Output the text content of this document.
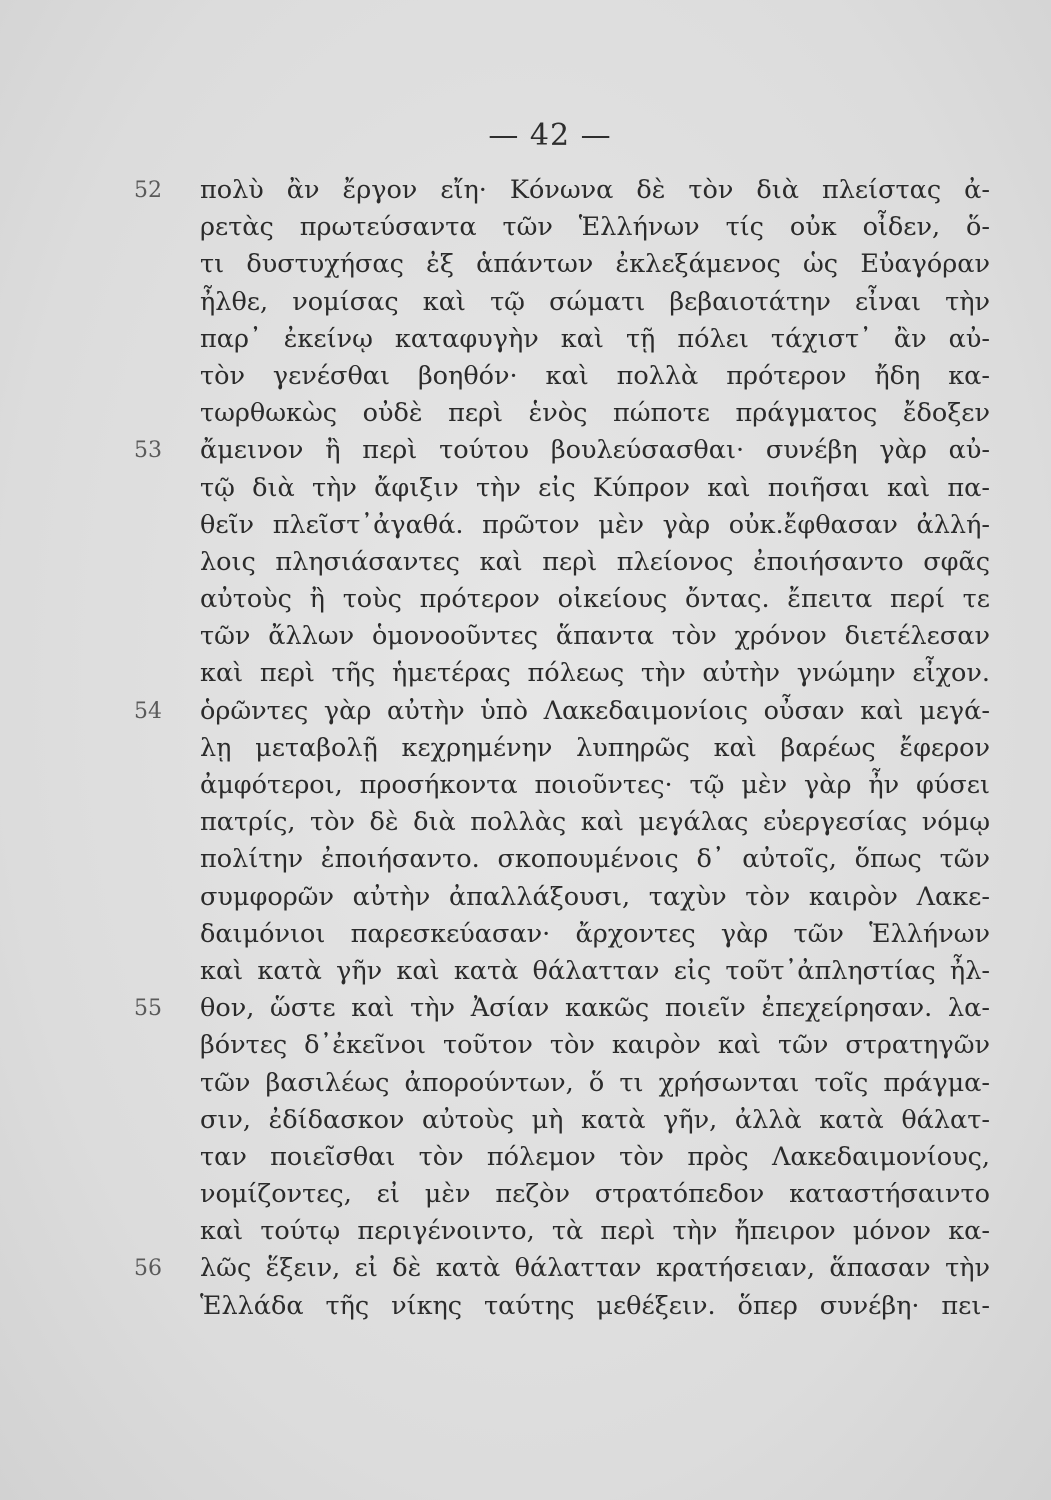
— 42 —
52	πολὺ ἂν ἔργον εἴη· Κόνωνα δὲ τὸν διὰ πλείστας ἀ-
ρετὰς πρωτεύσαντα τῶν Ἑλλήνων τίς οὐκ οἶδεν, ὅ-
τι δυστυχήσας ἐξ ἁπάντων ἐκλεξάμενος ὡς Εὐαγόραν
ἦλθε, νομίσας καὶ τῷ σώματι βεβαιοτάτην εἶναι τὴν
παρ᾽ ἐκείνῳ καταφυγὴν καὶ τῇ πόλει τάχιστ᾽ ἂν αὐ-
τὸν γενέσθαι βοηθόν· καὶ πολλὰ πρότερον ἤδη κα-
τωρθωκὼς οὐδὲ περὶ ἑνὸς πώποτε πράγματος ἔδοξεν
53	ἄμεινον ἢ περὶ τούτου βουλεύσασθαι· συνέβη γὰρ αὐ-
τῷ διὰ τὴν ἄφιξιν τὴν εἰς Κύπρον καὶ ποιῆσαι καὶ πα-
θεῖν πλεῖστ᾽ἀγαθά. πρῶτον μὲν γὰρ οὐκ.ἔφθασαν ἀλλή-
λοις πλησιάσαντες καὶ περὶ πλείονος ἐποιήσαντο σφᾶς
αὐτοὺς ἢ τοὺς πρότερον οἰκείους ὄντας. ἔπειτα περί τε
τῶν ἄλλων ὁμονοοῦντες ἅπαντα τὸν χρόνον διετέλεσαν
καὶ περὶ τῆς ἡμετέρας πόλεως τὴν αὐτὴν γνώμην εἶχον.
54	ὁρῶντες γὰρ αὐτὴν ὑπὸ Λακεδαιμονίοις οὖσαν καὶ μεγά-
λῃ μεταβολῇ κεχρημένην λυπηρῶς καὶ βαρέως ἔφερον
ἀμφότεροι, προσήκοντα ποιοῦντες· τῷ μὲν γὰρ ἦν φύσει
πατρίς, τὸν δὲ διὰ πολλὰς καὶ μεγάλας εὐεργεσίας νόμῳ
πολίτην ἐποιήσαντο. σκοπουμένοις δ᾽ αὐτοῖς, ὅπως τῶν
συμφορῶν αὐτὴν ἀπαλλάξουσι, ταχὺν τὸν καιρὸν Λακε-
δαιμόνιοι παρεσκεύασαν· ἄρχοντες γὰρ τῶν Ἑλλήνων
καὶ κατὰ γῆν καὶ κατὰ θάλατταν εἰς τοῦτ᾽ἀπληστίας ἦλ-
55	θον, ὥστε καὶ τὴν Ἀσίαν κακῶς ποιεῖν ἐπεχείρησαν. λα-
βόντες δ᾽ἐκεῖνοι τοῦτον τὸν καιρὸν καὶ τῶν στρατηγῶν
τῶν βασιλέως ἀπορούντων, ὅ τι χρήσωνται τοῖς πράγμα-
σιν, ἐδίδασκον αὐτοὺς μὴ κατὰ γῆν, ἀλλὰ κατὰ θάλατ-
ταν ποιεῖσθαι τὸν πόλεμον τὸν πρὸς Λακεδαιμονίους,
νομίζοντες, εἰ μὲν πεζὸν στρατόπεδον καταστήσαιντο
καὶ τούτῳ περιγένοιντο, τὰ περὶ τὴν ἤπειρον μόνον κα-
56	λῶς ἕξειν, εἰ δὲ κατὰ θάλατταν κρατήσειαν, ἅπασαν τὴν
Ἑλλάδα τῆς νίκης ταύτης μεθέξειν. ὅπερ συνέβη· πει-
